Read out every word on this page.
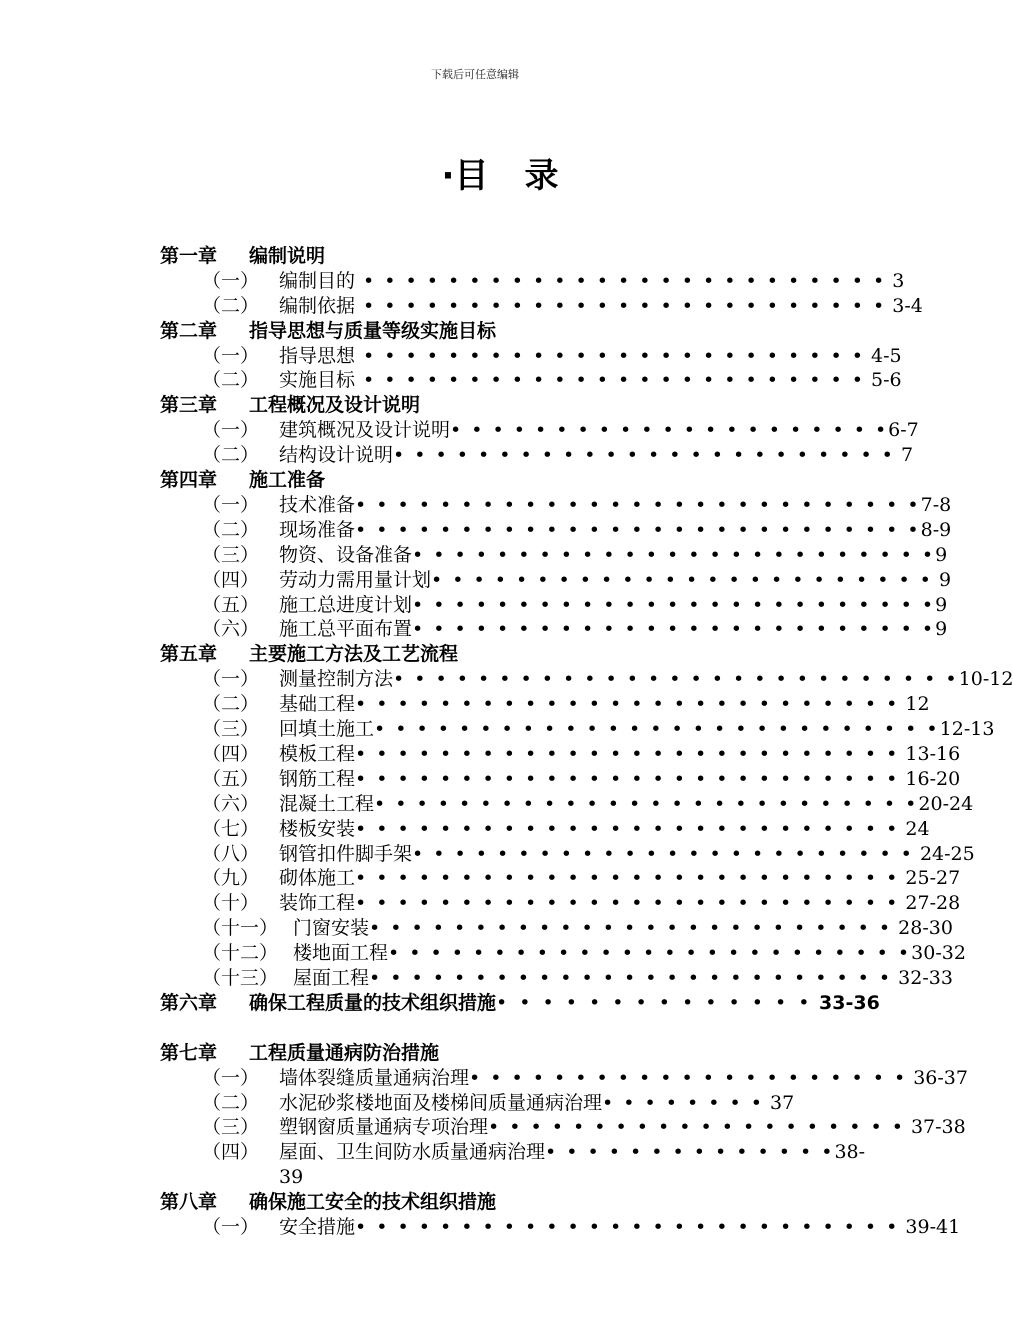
下载后可任意编辑
·目 录
第一章 编制说明
（一） 编制目的 • • • • • • • • • • • • • • • • • • • • • • • • • 3
（二） 编制依据 • • • • • • • • • • • • • • • • • • • • • • • • • 3-4
第二章 指导思想与质量等级实施目标
（一） 指导思想 • • • • • • • • • • • • • • • • • • • • • • • • 4-5
（二） 实施目标 • • • • • • • • • • • • • • • • • • • • • • • • 5-6
第三章 工程概况及设计说明
（一） 建筑概况及设计说明• • • • • • • • • • • • • • • • • • • • •6-7
（二） 结构设计说明• • • • • • • • • • • • • • • • • • • • • • • • 7
第四章 施工准备
（一） 技术准备• • • • • • • • • • • • • • • • • • • • • • • • • • •7-8
（二） 现场准备• • • • • • • • • • • • • • • • • • • • • • • • • • •8-9
（三） 物资、设备准备• • • • • • • • • • • • • • • • • • • • • • • • •9
（四） 劳动力需用量计划• • • • • • • • • • • • • • • • • • • • • • • • 9
（五） 施工总进度计划• • • • • • • • • • • • • • • • • • • • • • • • •9
（六） 施工总平面布置• • • • • • • • • • • • • • • • • • • • • • • • •9
第五章 主要施工方法及工艺流程
（一） 测量控制方法• • • • • • • • • • • • • • • • • • • • • • • • • • •10-12
（二） 基础工程• • • • • • • • • • • • • • • • • • • • • • • • • • 12
（三） 回填土施工• • • • • • • • • • • • • • • • • • • • • • • • • • •12-13
（四） 模板工程• • • • • • • • • • • • • • • • • • • • • • • • • • 13-16
（五） 钢筋工程• • • • • • • • • • • • • • • • • • • • • • • • • • 16-20
（六） 混凝土工程• • • • • • • • • • • • • • • • • • • • • • • • • •20-24
（七） 楼板安装• • • • • • • • • • • • • • • • • • • • • • • • • • 24
（八） 钢管扣件脚手架• • • • • • • • • • • • • • • • • • • • • • • • 24-25
（九） 砌体施工• • • • • • • • • • • • • • • • • • • • • • • • • • 25-27
（十） 装饰工程• • • • • • • • • • • • • • • • • • • • • • • • • • 27-28
（十一） 门窗安装• • • • • • • • • • • • • • • • • • • • • • • • • 28-30
（十二） 楼地面工程• • • • • • • • • • • • • • • • • • • • • • • • •30-32
（十三） 屋面工程• • • • • • • • • • • • • • • • • • • • • • • • • 32-33
第六章 确保工程质量的技术组织措施• • • • • • • • • • • • • • 33-36
第七章 工程质量通病防治措施
（一） 墙体裂缝质量通病治理• • • • • • • • • • • • • • • • • • • • • 36-37
（二） 水泥砂浆楼地面及楼梯间质量通病治理• • • • • • • • 37
（三） 塑钢窗质量通病专项治理• • • • • • • • • • • • • • • • • • • • 37-38
（四） 屋面、卫生间防水质量通病治理• • • • • • • • • • • • • •38-
39
第八章 确保施工安全的技术组织措施
（一） 安全措施• • • • • • • • • • • • • • • • • • • • • • • • • • 39-41
